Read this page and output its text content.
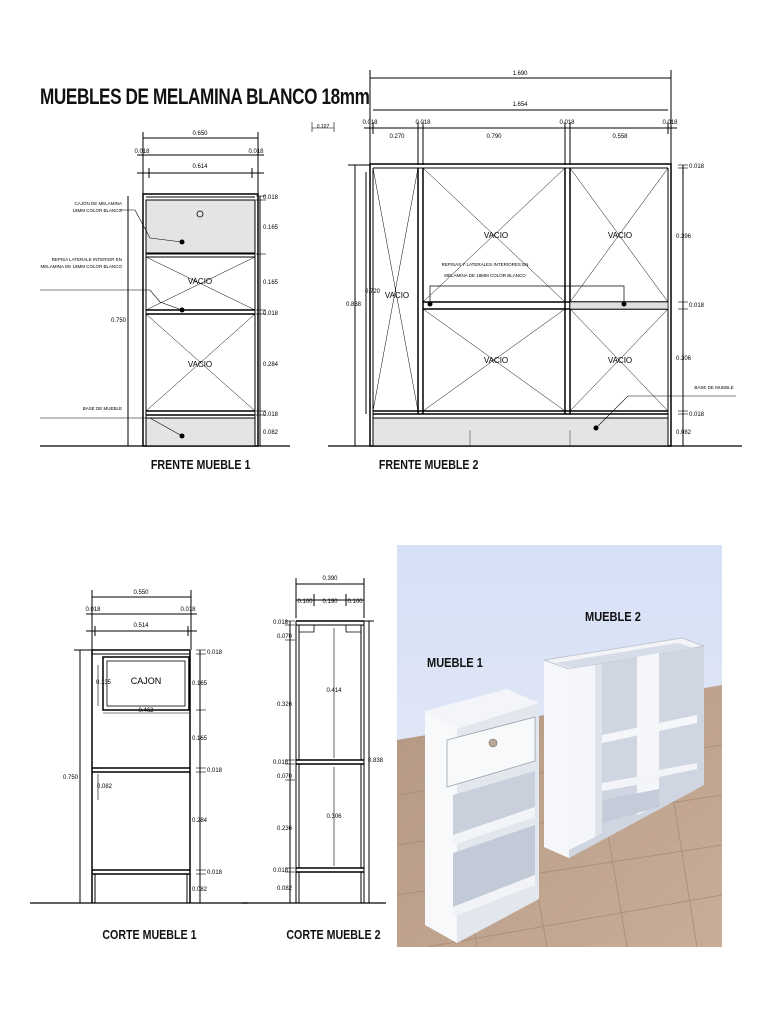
MUEBLES DE MELAMINA BLANCO 18mm
0.650
0.018	0.018
0.614
0.750
0.018
0.165
0.165
0.018
0.284
0.018
0.082
VACIO
VACIO
CAJÓN DE MELAMINA
18MM COLOR BLANCO
REPISA LATERALE INTERIOR EN
MELAMINA DE 18MM COLOR BLANCO
BASE DE MUEBLE
1.690
1.654
0.018	0.018	0.018	0.018
0.270	0.790	0.558
0.107
0.838
0.720
0.018
0.396
0.018
0.306
0.018
0.082
VACIO
VACIO	VACIO
VACIO	VACIO
REPISAS Y LATERALES INTERIORES EN
MELAMINA DE 18MM COLOR BLANCO
BASE DE MUEBLE
0.550
0.018	0.018
0.514
0.750
0.135
0.462
0.082
CAJON
0.018
0.165
0.165
0.018
0.284
0.018
0.082
0.390
0.100 0.190 0.100
0.018
0.070
0.326
0.018
0.070
0.236
0.018
0.082
0.414
0.306
0.838
FRENTE MUEBLE 1	FRENTE MUEBLE 2
CORTE MUEBLE 1	CORTE MUEBLE 2
MUEBLE 1
MUEBLE 2
